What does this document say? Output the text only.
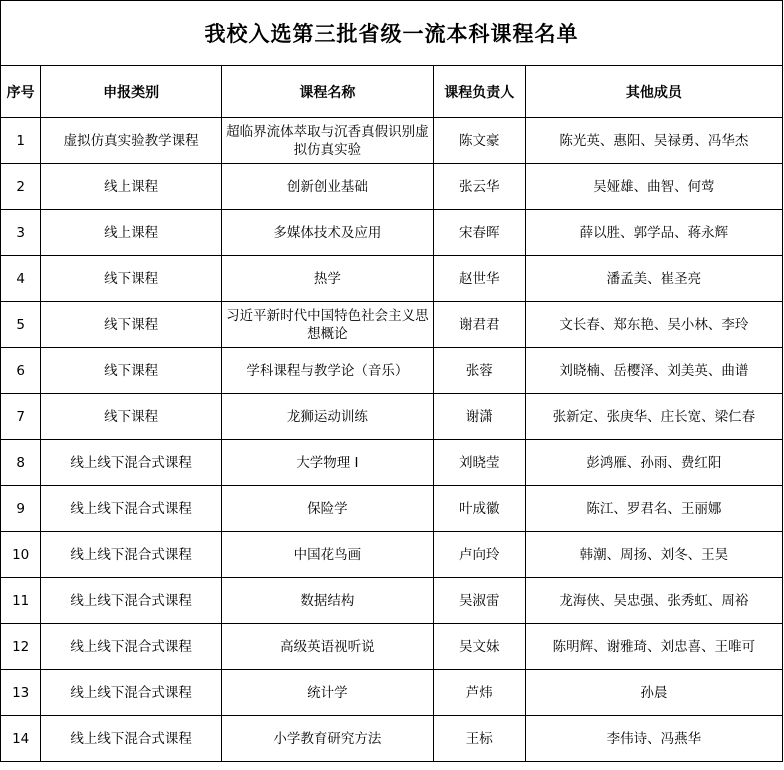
我校入选第三批省级一流本科课程名单				
序号	申报类别	课程名称	课程负责人	其他成员
1	虚拟仿真实验教学课程	超临界流体萃取与沉香真假识别虚拟仿真实验	陈文豪	陈光英、惠阳、吴禄勇、冯华杰
2	线上课程	创新创业基础	张云华	吴娅雄、曲智、何莺
3	线上课程	多媒体技术及应用	宋春晖	薛以胜、郭学品、蒋永辉
4	线下课程	热学	赵世华	潘孟美、崔圣亮
5	线下课程	习近平新时代中国特色社会主义思想概论	谢君君	文长春、郑东艳、吴小林、李玲
6	线下课程	学科课程与教学论（音乐）	张蓉	刘晓楠、岳樱泽、刘美英、曲谱
7	线下课程	龙狮运动训练	谢潇	张新定、张庚华、庄长宽、梁仁春
8	线上线下混合式课程	大学物理 I	刘晓莹	彭鸿雁、孙雨、费红阳
9	线上线下混合式课程	保险学	叶成徽	陈江、罗君名、王丽娜
10	线上线下混合式课程	中国花鸟画	卢向玲	韩潮、周扬、刘冬、王昊
11	线上线下混合式课程	数据结构	吴淑雷	龙海侠、吴忠强、张秀虹、周裕
12	线上线下混合式课程	高级英语视听说	吴文妹	陈明辉、谢雅琦、刘忠喜、王唯可
13	线上线下混合式课程	统计学	芦炜	孙晨
14	线上线下混合式课程	小学教育研究方法	王标	李伟诗、冯燕华
